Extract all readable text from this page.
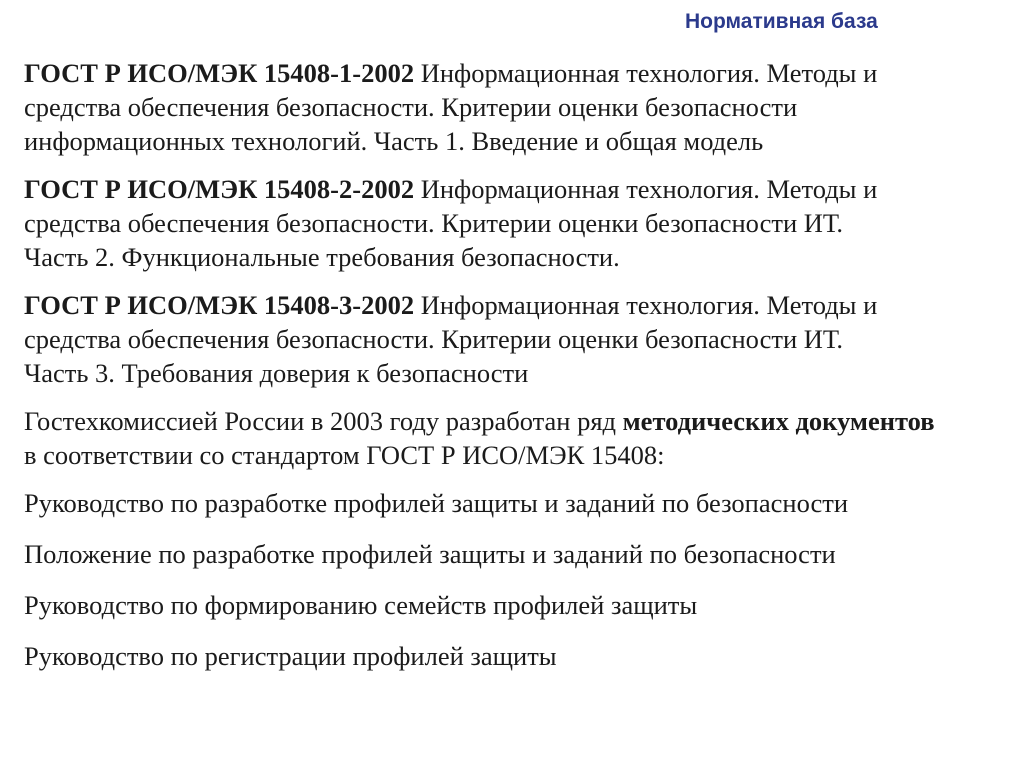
Нормативная база
ГОСТ Р ИСО/МЭК 15408-1-2002 Информационная технология. Методы и
средства обеспечения безопасности. Критерии оценки безопасности
информационных технологий. Часть 1. Введение и общая модель
ГОСТ Р ИСО/МЭК 15408-2-2002 Информационная технология. Методы и
средства обеспечения безопасности. Критерии оценки безопасности ИТ.
Часть 2. Функциональные требования безопасности.
ГОСТ Р ИСО/МЭК 15408-3-2002 Информационная технология. Методы и
средства обеспечения безопасности. Критерии оценки безопасности ИТ.
Часть 3. Требования доверия к безопасности
Гостехкомиссией России в 2003 году разработан ряд методических документов
в соответствии со стандартом ГОСТ Р ИСО/МЭК 15408:
Руководство по разработке профилей защиты и заданий по безопасности
Положение по разработке профилей защиты и заданий по безопасности
Руководство по формированию семейств профилей защиты
Руководство по регистрации профилей защиты
